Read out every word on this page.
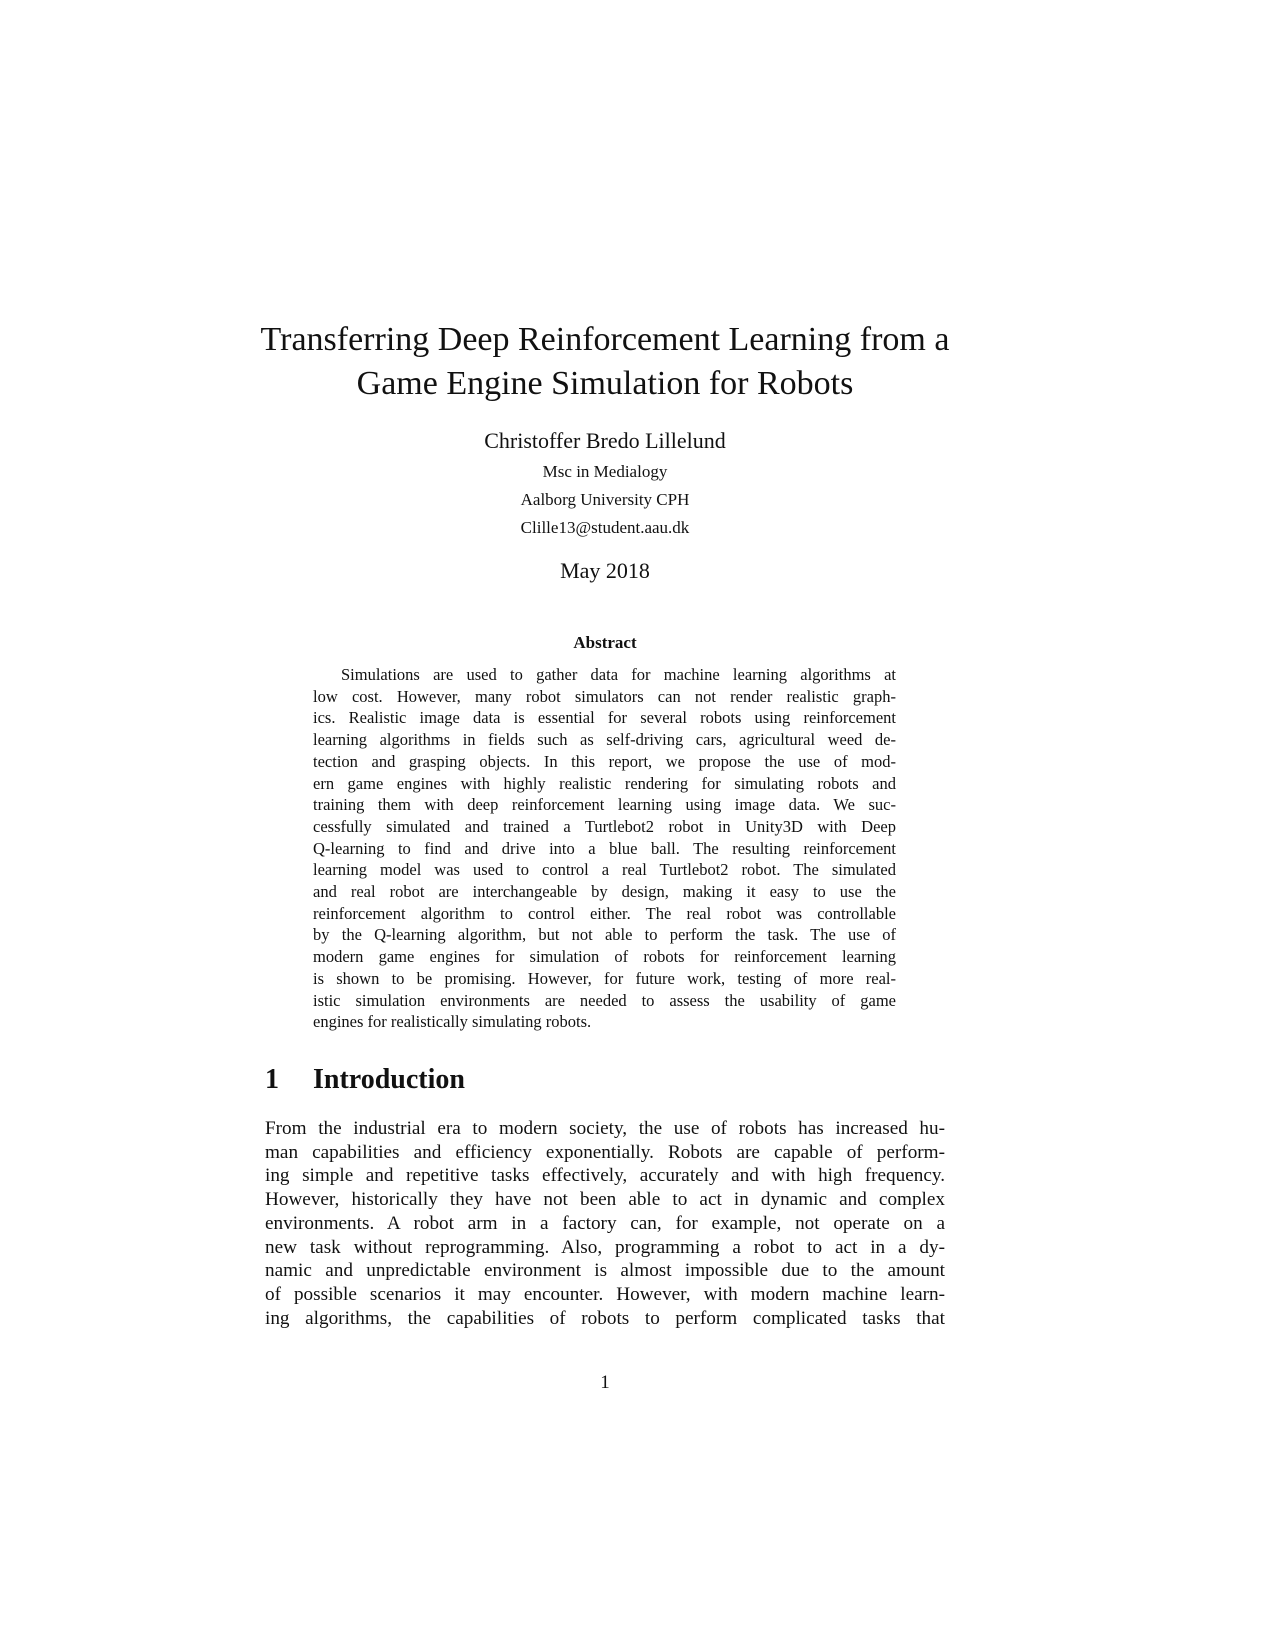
Transferring Deep Reinforcement Learning from a
Game Engine Simulation for Robots
Christoffer Bredo Lillelund
Msc in Medialogy
Aalborg University CPH
Clille13@student.aau.dk
May 2018
Abstract
Simulations are used to gather data for machine learning algorithms at
low cost. However, many robot simulators can not render realistic graph-
ics. Realistic image data is essential for several robots using reinforcement
learning algorithms in fields such as self-driving cars, agricultural weed de-
tection and grasping objects. In this report, we propose the use of mod-
ern game engines with highly realistic rendering for simulating robots and
training them with deep reinforcement learning using image data. We suc-
cessfully simulated and trained a Turtlebot2 robot in Unity3D with Deep
Q-learning to find and drive into a blue ball. The resulting reinforcement
learning model was used to control a real Turtlebot2 robot. The simulated
and real robot are interchangeable by design, making it easy to use the
reinforcement algorithm to control either. The real robot was controllable
by the Q-learning algorithm, but not able to perform the task. The use of
modern game engines for simulation of robots for reinforcement learning
is shown to be promising. However, for future work, testing of more real-
istic simulation environments are needed to assess the usability of game
engines for realistically simulating robots.
1 Introduction
From the industrial era to modern society, the use of robots has increased hu-
man capabilities and efficiency exponentially. Robots are capable of perform-
ing simple and repetitive tasks effectively, accurately and with high frequency.
However, historically they have not been able to act in dynamic and complex
environments. A robot arm in a factory can, for example, not operate on a
new task without reprogramming. Also, programming a robot to act in a dy-
namic and unpredictable environment is almost impossible due to the amount
of possible scenarios it may encounter. However, with modern machine learn-
ing algorithms, the capabilities of robots to perform complicated tasks that
1
